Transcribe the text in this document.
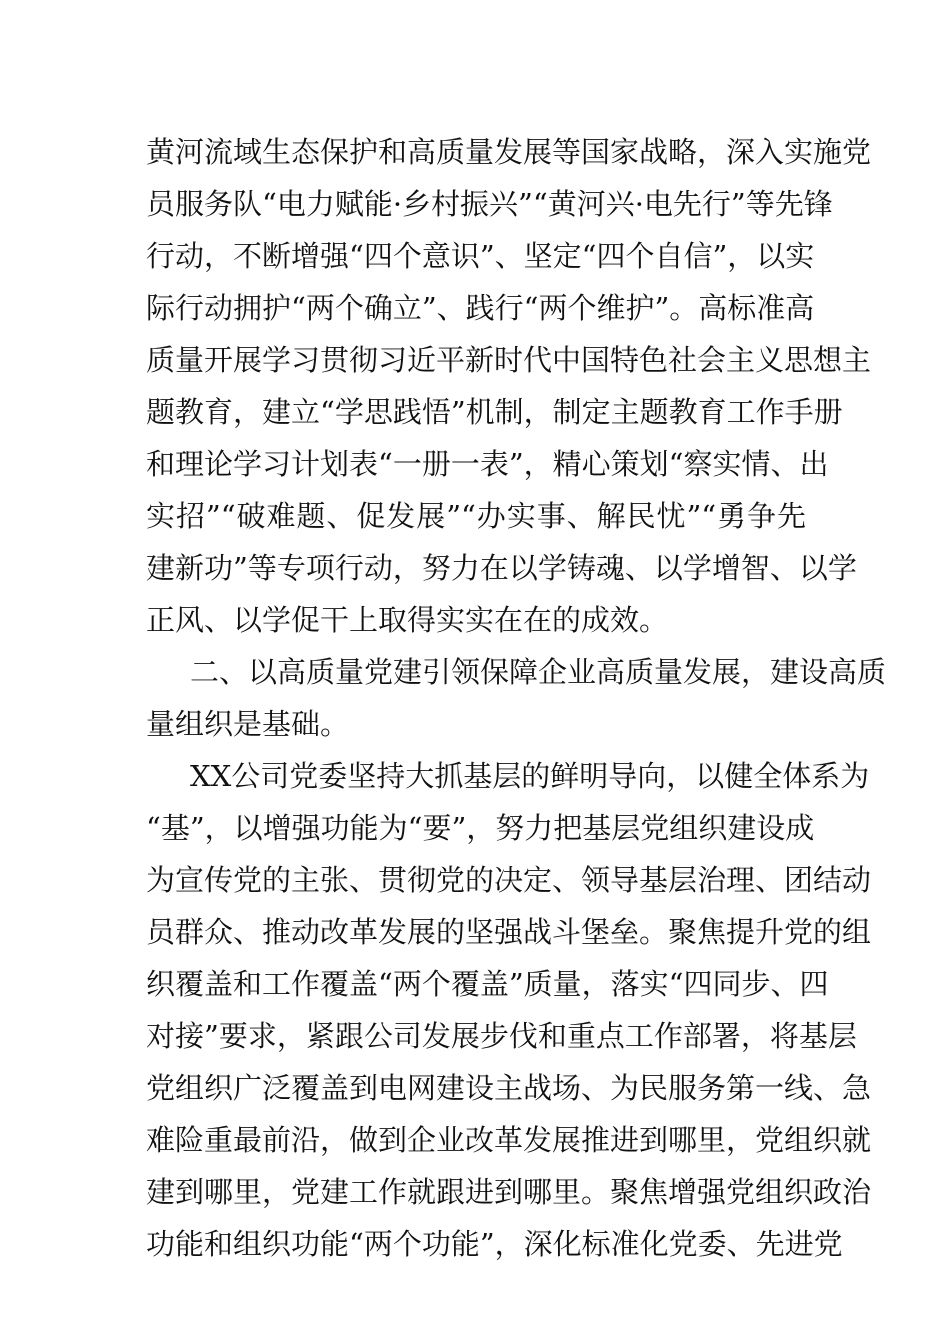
黄河流域生态保护和高质量发展等国家战略，深入实施党
员服务队“电力赋能·乡村振兴”“黄河兴·电先行”等先锋
行动，不断增强“四个意识”、坚定“四个自信”，以实
际行动拥护“两个确立”、践行“两个维护”。高标准高
质量开展学习贯彻习近平新时代中国特色社会主义思想主
题教育，建立“学思践悟”机制，制定主题教育工作手册
和理论学习计划表“一册一表”，精心策划“察实情、出
实招”“破难题、促发展”“办实事、解民忧”“勇争先
建新功”等专项行动，努力在以学铸魂、以学增智、以学
正风、以学促干上取得实实在在的成效。
二、以高质量党建引领保障企业高质量发展，建设高质
量组织是基础。
XX公司党委坚持大抓基层的鲜明导向，以健全体系为
“基”，以增强功能为“要”，努力把基层党组织建设成
为宣传党的主张、贯彻党的决定、领导基层治理、团结动
员群众、推动改革发展的坚强战斗堡垒。聚焦提升党的组
织覆盖和工作覆盖“两个覆盖”质量，落实“四同步、四
对接”要求，紧跟公司发展步伐和重点工作部署，将基层
党组织广泛覆盖到电网建设主战场、为民服务第一线、急
难险重最前沿，做到企业改革发展推进到哪里，党组织就
建到哪里，党建工作就跟进到哪里。聚焦增强党组织政治
功能和组织功能“两个功能”，深化标准化党委、先进党
